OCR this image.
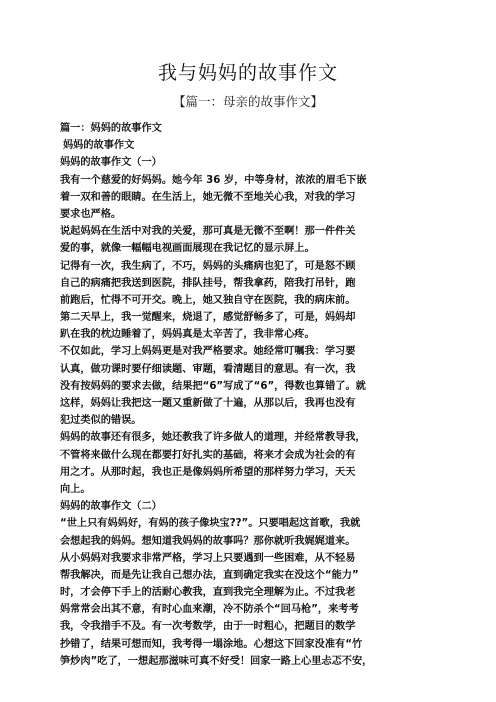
我与妈妈的故事作文
【篇一：母亲的故事作文】
篇一：妈妈的故事作文
妈妈的故事作文
妈妈的故事作文（一）
我有一个慈爱的好妈妈。她今年 36 岁，中等身材，浓浓的眉毛下嵌
着一双和善的眼睛。在生活上，她无微不至地关心我，对我的学习
要求也严格。
说起妈妈在生活中对我的关爱，那可真是无微不至啊！那一件件关
爱的事，就像一幅幅电视画面展现在我记忆的显示屏上。
记得有一次，我生病了，不巧，妈妈的头痛病也犯了，可是怒不顾
自己的病痛把我送到医院，排队挂号，帮我拿药，陪我打吊针，跑
前跑后，忙得不可开交。晚上，她又独自守在医院，我的病床前。
第二天早上，我一觉醒来，烧退了，感觉舒畅多了，可是，妈妈却
趴在我的枕边睡着了，妈妈真是太辛苦了，我非常心疼。
不仅如此，学习上妈妈更是对我严格要求。她经常叮嘱我：学习要
认真，做功课时要仔细读题、审题，看清题目的意思。有一次，我
没有按妈妈的要求去做，结果把“6”写成了“6”，得数也算错了。就
这样，妈妈让我把这一题又重新做了十遍，从那以后，我再也没有
犯过类似的错误。
妈妈的故事还有很多，她还教我了许多做人的道理，并经常教导我，
不管将来做什么现在都要打好扎实的基础，将来才会成为社会的有
用之才。从那时起，我也正是像妈妈所希望的那样努力学习，天天
向上。
妈妈的故事作文（二）
“世上只有妈妈好，有妈的孩子像块宝??”。只要唱起这首歌，我就
会想起我的妈妈。想知道我妈妈的故事吗？那你就听我娓娓道来。
从小妈妈对我要求非常严格，学习上只要遇到一些困难，从不轻易
帮我解决，而是先让我自己想办法，直到确定我实在没这个“能力”
时，才会停下手上的活耐心教我，直到我完全理解为止。不过我老
妈常常会出其不意，有时心血来潮，冷不防杀个“回马枪”，来考考
我，令我措手不及。有一次考数学，由于一时粗心，把题目的数学
抄错了，结果可想而知，我考得一塌涂地。心想这下回家没准有“竹
笋炒肉”吃了，一想起那滋味可真不好受！回家一路上心里忐忑不安，
